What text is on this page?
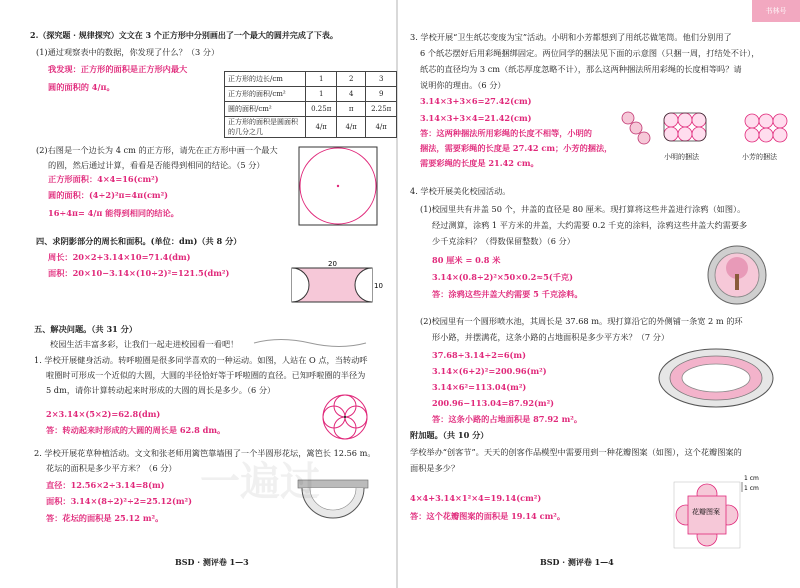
2.（探究题 · 规律探究）文文在 3 个正方形中分别画出了一个最大的圆并完成了下表。
(1)通过观察表中的数据，你发现了什么？（3 分）
我发现：正方形的面积是正方形内最大
圆的面积的 4/π。
正方形的边长/cm	1	2	3
正方形的面积/cm²	1	4	9
圆的面积/cm²	0.25π	π	2.25π
正方形的面积是圆面积的几分之几	4/π	4/π	4/π
(2)右图是一个边长为 4 cm 的正方形，请先在正方形中画一个最大
的圆，然后通过计算，看看是否能得到相同的结论。（5 分）
正方形面积：4×4=16(cm²)
圆的面积：(4÷2)²π=4π(cm²)
16÷4π= 4/π 能得到相同的结论。
四、求阴影部分的周长和面积。(单位：dm)（共 8 分）
周长：20×2+3.14×10=71.4(dm)
面积：20×10−3.14×(10÷2)²=121.5(dm²)
20
10
五、解决问题。（共 31 分）
校园生活丰富多彩，让我们一起走进校园看一看吧！
1. 学校开展健身活动。转呼啦圈是很多同学喜欢的一种运动。如图，人站在 O 点，当转动呼
啦圈时可形成一个近似的大圆，大圆的半径恰好等于呼啦圈的直径。已知呼啦圈的半径为
5 dm，请你计算转动起来时形成的大圆的周长是多少。（6 分）
2×3.14×(5×2)=62.8(dm)
答：转动起来时形成的大圆的周长是 62.8 dm。
2. 学校开展花草种植活动。文文和张老师用篱笆靠墙围了一个半圆形花坛，篱笆长 12.56 m。
花坛的面积是多少平方米？（6 分）
直径：12.56×2÷3.14=8(m)
面积：3.14×(8÷2)²÷2=25.12(m²)
答：花坛的面积是 25.12 m²。
一遍过
BSD · 测评卷 1—3
书林号
3. 学校开展“卫生纸芯变废为宝”活动。小明和小芳都想到了用纸芯做笔筒。他们分别用了
6 个纸芯摆好后用彩绳捆绑固定。两位同学的捆法见下面的示意图（只捆一周，打结处不计），
纸芯的直径均为 3 cm（纸芯厚度忽略不计），那么这两种捆法所用彩绳的长度相等吗？请
说明你的理由。（6 分）
3.14×3+3×6=27.42(cm)
3.14×3+3×4=21.42(cm)
答：这两种捆法所用彩绳的长度不相等，小明的
捆法，需要彩绳的长度是 27.42 cm；小芳的捆法，
需要彩绳的长度是 21.42 cm。
小明的捆法	小芳的捆法
4. 学校开展美化校园活动。
(1)校园里共有井盖 50 个，井盖的直径是 80 厘米。现打算将这些井盖进行涂鸦（如图）。
经过测算，涂鸦 1 平方米的井盖，大约需要 0.2 千克的涂料，涂鸦这些井盖大约需要多
少千克涂料？（得数保留整数）（6 分）
80 厘米 = 0.8 米
3.14×(0.8÷2)²×50×0.2≈5(千克)
答：涂鸦这些井盖大约需要 5 千克涂料。
(2)校园里有一个圆形喷水池，其周长是 37.68 m。现打算沿它的外侧铺一条宽 2 m 的环
形小路，并摆满花，这条小路的占地面积是多少平方米？（7 分）
37.68÷3.14÷2=6(m)
3.14×(6+2)²=200.96(m²)
3.14×6²=113.04(m²)
200.96−113.04=87.92(m²)
答：这条小路的占地面积是 87.92 m²。
附加题。（共 10 分）
学校举办“创客节”。天天的创客作品模型中需要用到一种花瓣图案（如图），这个花瓣图案的
面积是多少？
4×4+3.14×1²×4=19.14(cm²)
答：这个花瓣图案的面积是 19.14 cm²。	花瓣图案
1 cm
1 cm
BSD · 测评卷 1—4
